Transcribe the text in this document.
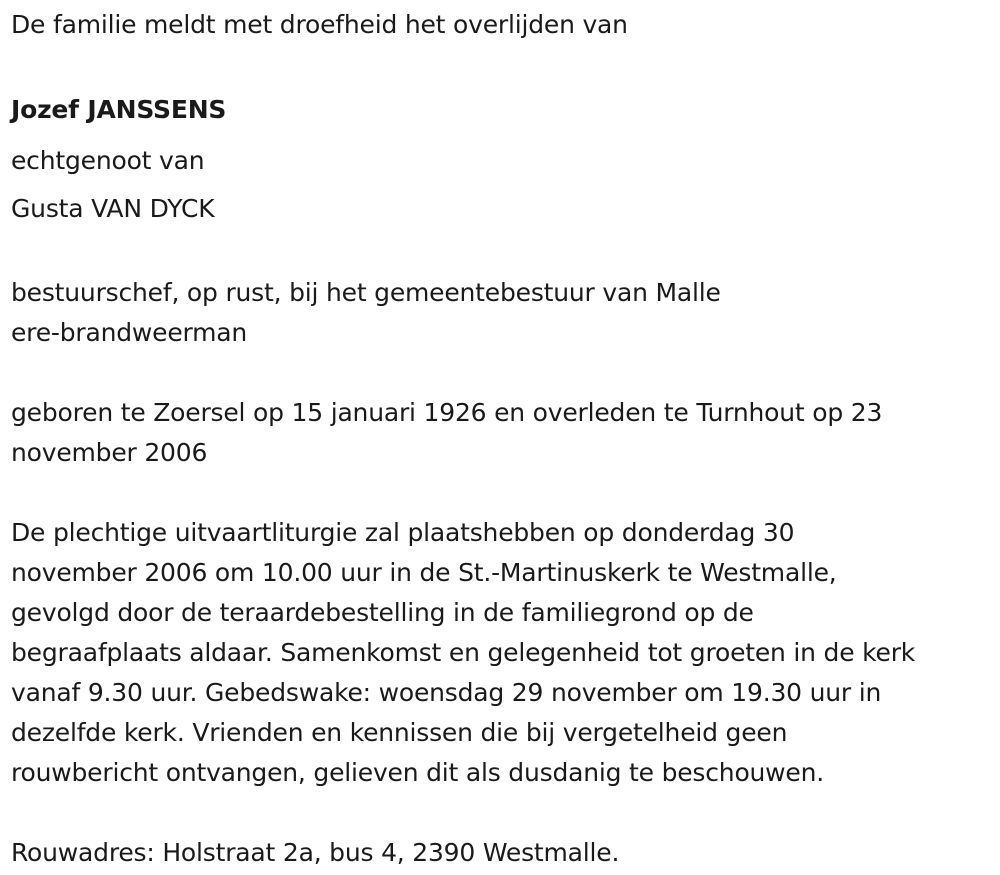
De familie meldt met droefheid het overlijden van

Jozef JANSSENS

echtgenoot van

Gusta VAN DYCK

bestuurschef, op rust, bij het gemeentebestuur van Malle
ere-brandweerman

geboren te Zoersel op 15 januari 1926 en overleden te Turnhout op 23
november 2006

De plechtige uitvaartliturgie zal plaatshebben op donderdag 30
november 2006 om 10.00 uur in de St.-Martinuskerk te Westmalle,
gevolgd door de teraardebestelling in de familiegrond op de
begraafplaats aldaar. Samenkomst en gelegenheid tot groeten in de kerk
vanaf 9.30 uur. Gebedswake: woensdag 29 november om 19.30 uur in
dezelfde kerk. Vrienden en kennissen die bij vergetelheid geen
rouwbericht ontvangen, gelieven dit als dusdanig te beschouwen.

Rouwadres: Holstraat 2a, bus 4, 2390 Westmalle.
